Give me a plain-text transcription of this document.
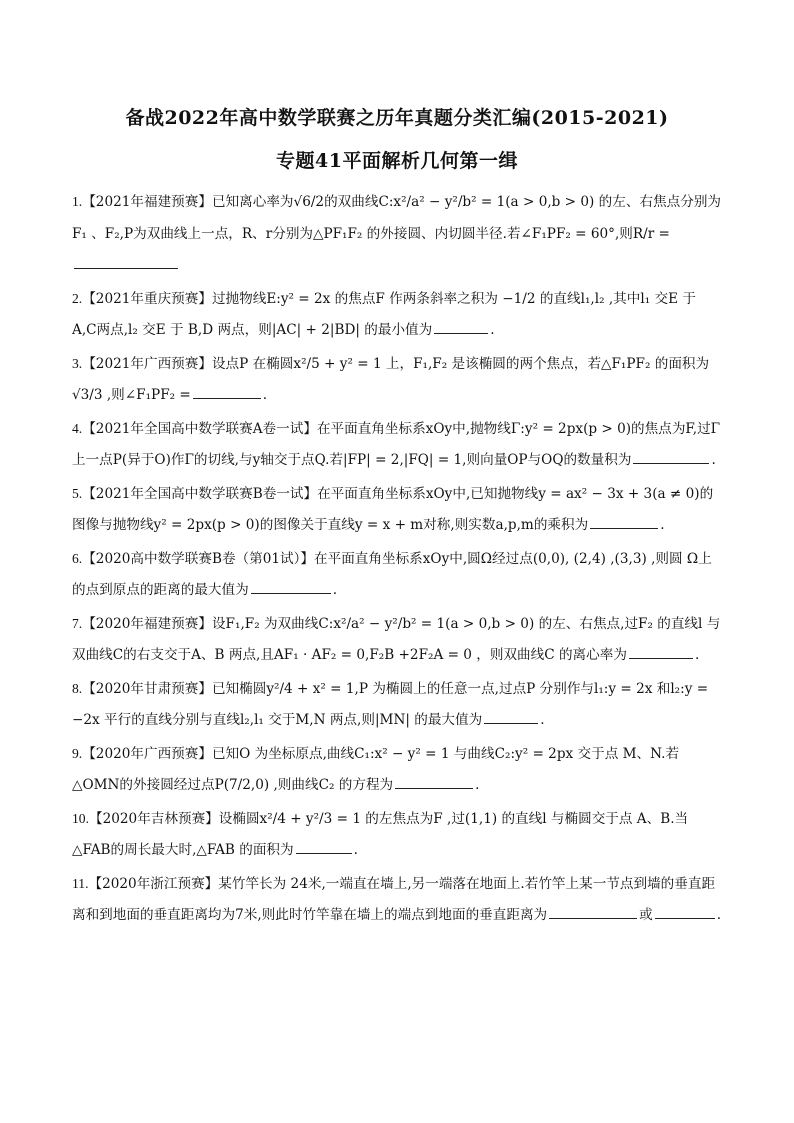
备战2022年高中数学联赛之历年真题分类汇编(2015-2021)
专题41平面解析几何第一缉
1.【2021年福建预赛】已知离心率为√6/2的双曲线C:x²/a² − y²/b² = 1(a > 0,b > 0) 的左、右焦点分别为F₁ 、F₂,P为双曲线上一点，R、r分别为△PF₁F₂ 的外接圆、内切圆半径.若∠F₁PF₂ = 60°,则R/r =
2.【2021年重庆预赛】过抛物线E:y² = 2x 的焦点F 作两条斜率之积为 −1/2 的直线l₁,l₂ ,其中l₁ 交E 于 A,C两点,l₂ 交E 于 B,D 两点，则|AC| + 2|BD| 的最小值为	.
3.【2021年广西预赛】设点P 在椭圆x²/5 + y² = 1 上，F₁,F₂ 是该椭圆的两个焦点，若△F₁PF₂ 的面积为√3/3 ,则∠F₁PF₂ =	.
4.【2021年全国高中数学联赛A卷一试】在平面直角坐标系xOy中,抛物线Γ:y² = 2px(p > 0)的焦点为F,过Γ上一点P(异于O)作Γ的切线,与y轴交于点Q.若|FP| = 2,|FQ| = 1,则向量OP与OQ的数量积为	.
5.【2021年全国高中数学联赛B卷一试】在平面直角坐标系xOy中,已知抛物线y = ax² − 3x + 3(a ≠ 0)的图像与抛物线y² = 2px(p > 0)的图像关于直线y = x + m对称,则实数a,p,m的乘积为	.
6.【2020高中数学联赛B卷（第01试）】在平面直角坐标系xOy中,圆Ω经过点(0,0), (2,4) ,(3,3) ,则圆 Ω上的点到原点的距离的最大值为	.
7.【2020年福建预赛】设F₁,F₂ 为双曲线C:x²/a² − y²/b² = 1(a > 0,b > 0) 的左、右焦点,过F₂ 的直线l 与双曲线C的右支交于A、B 两点,且AF₁ · AF₂ = 0,F₂B +2F₂A = 0 ，则双曲线C 的离心率为	.
8.【2020年甘肃预赛】已知椭圆y²/4 + x² = 1,P 为椭圆上的任意一点,过点P 分别作与l₁:y = 2x 和l₂:y = −2x 平行的直线分别与直线l₂,l₁ 交于M,N 两点,则|MN| 的最大值为	.
9.【2020年广西预赛】已知O 为坐标原点,曲线C₁:x² − y² = 1 与曲线C₂:y² = 2px 交于点 M、N.若△OMN的外接圆经过点P(7/2,0) ,则曲线C₂ 的方程为	.
10.【2020年吉林预赛】设椭圆x²/4 + y²/3 = 1 的左焦点为F ,过(1,1) 的直线l 与椭圆交于点 A、B.当△FAB的周长最大时,△FAB 的面积为	.
11.【2020年浙江预赛】某竹竿长为 24米,一端直在墙上,另一端落在地面上.若竹竿上某一节点到墙的垂直距离和到地面的垂直距离均为7米,则此时竹竿靠在墙上的端点到地面的垂直距离为	或	.
